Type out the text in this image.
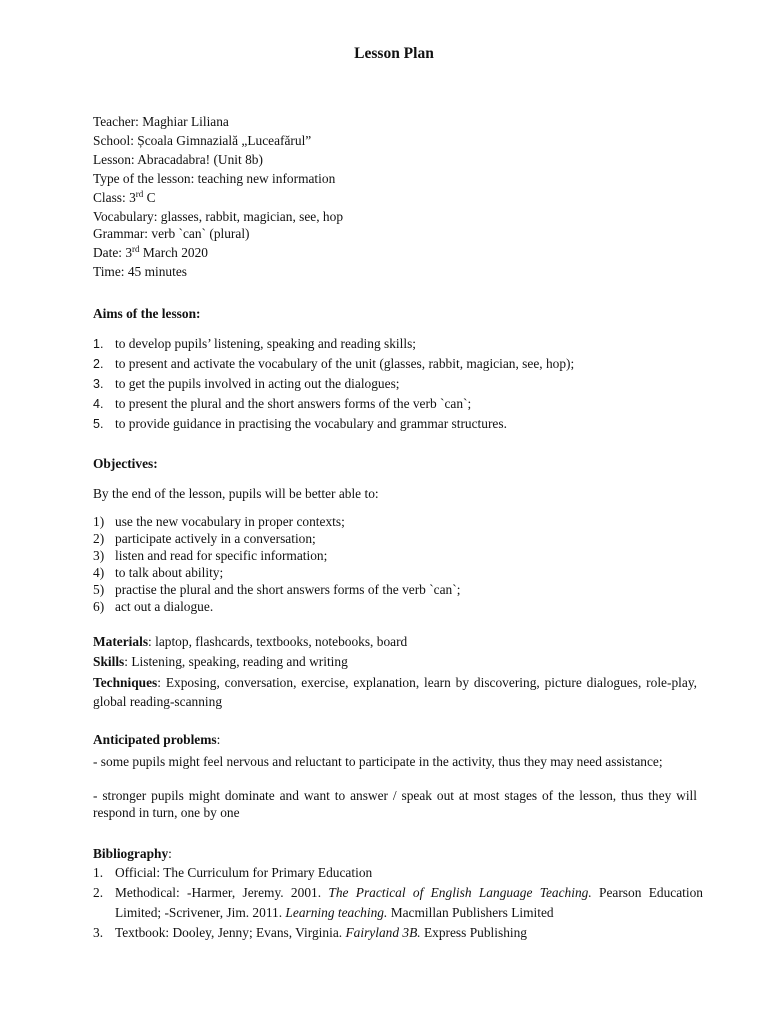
Lesson Plan
Teacher: Maghiar Liliana
School: Școala Gimnazială „Luceafărul”
Lesson: Abracadabra! (Unit 8b)
Type of the lesson: teaching new information
Class: 3rd C
Vocabulary: glasses, rabbit, magician, see, hop
Grammar: verb `can` (plural)
Date: 3rd March 2020
Time: 45 minutes
Aims of the lesson:
1. to develop pupils’ listening, speaking and reading skills;
2. to present and activate the vocabulary of the unit (glasses, rabbit, magician, see, hop);
3. to get the pupils involved in acting out the dialogues;
4. to present the plural and the short answers forms of the verb `can`;
5. to provide guidance in practising the vocabulary and grammar structures.
Objectives:
By the end of the lesson, pupils will be better able to:
1) use the new vocabulary in proper contexts;
2) participate actively in a conversation;
3) listen and read for specific information;
4) to talk about ability;
5) practise the plural and the short answers forms of the verb `can`;
6) act out a dialogue.
Materials: laptop, flashcards, textbooks, notebooks, board
Skills: Listening, speaking, reading and writing
Techniques: Exposing, conversation, exercise, explanation, learn by discovering, picture dialogues, role-play, global reading-scanning
Anticipated problems:
- some pupils might feel nervous and reluctant to participate in the activity, thus they may need assistance;
- stronger pupils might dominate and want to answer / speak out at most stages of the lesson, thus they will respond in turn, one by one
Bibliography:
1. Official: The Curriculum for Primary Education
2. Methodical: -Harmer, Jeremy. 2001. The Practical of English Language Teaching. Pearson Education Limited; -Scrivener, Jim. 2011. Learning teaching. Macmillan Publishers Limited
3. Textbook: Dooley, Jenny; Evans, Virginia. Fairyland 3B. Express Publishing
